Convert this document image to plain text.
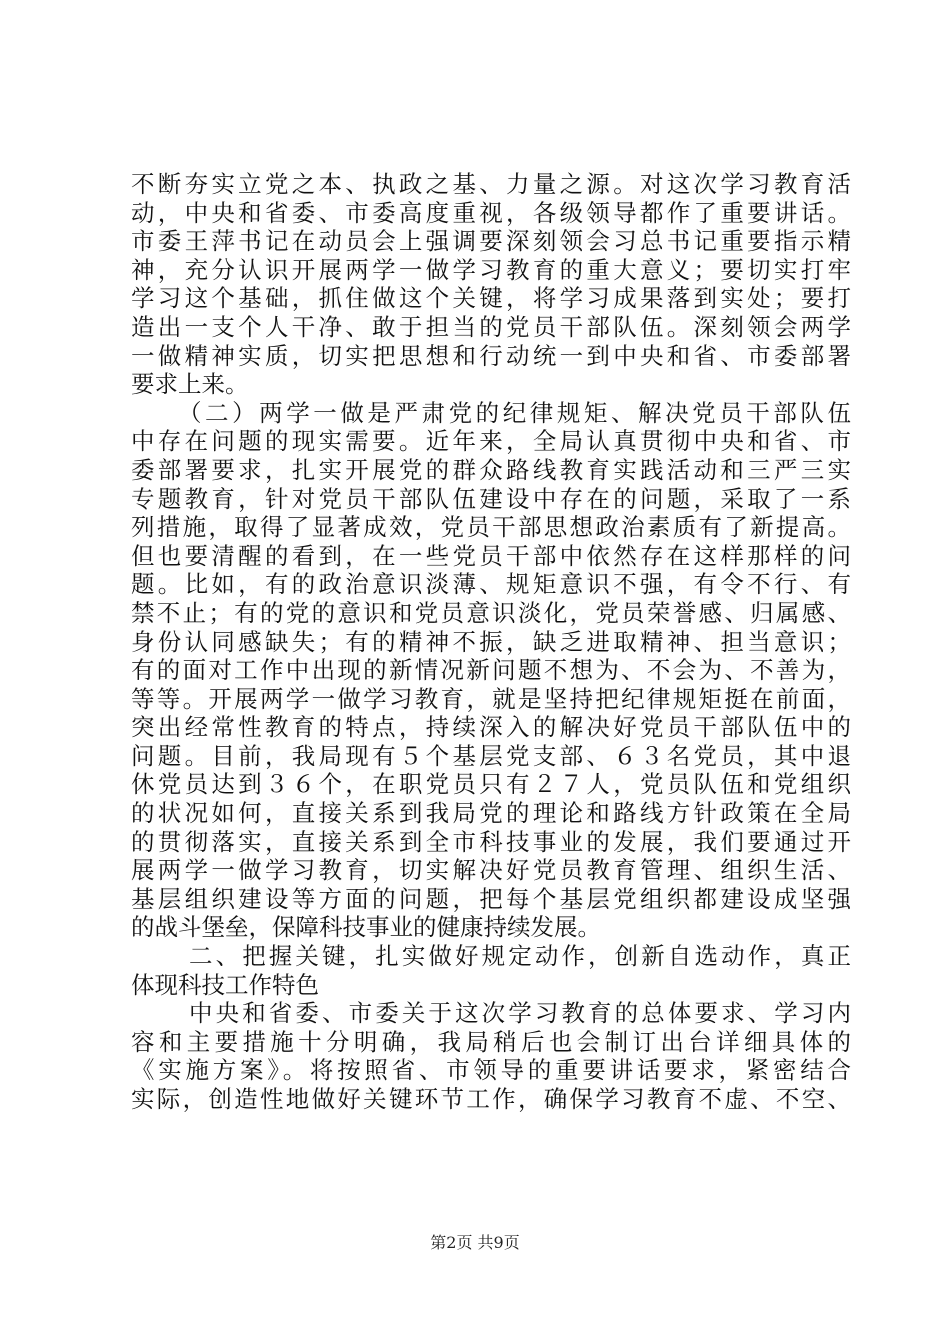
不断夯实立党之本、执政之基、力量之源。对这次学习教育活
动，中央和省委、市委高度重视，各级领导都作了重要讲话。
市委王萍书记在动员会上强调要深刻领会习总书记重要指示精
神，充分认识开展两学一做学习教育的重大意义；要切实打牢
学习这个基础，抓住做这个关键，将学习成果落到实处；要打
造出一支个人干净、敢于担当的党员干部队伍。深刻领会两学
一做精神实质，切实把思想和行动统一到中央和省、市委部署
要求上来。
（二）两学一做是严肃党的纪律规矩、解决党员干部队伍
中存在问题的现实需要。近年来，全局认真贯彻中央和省、市
委部署要求，扎实开展党的群众路线教育实践活动和三严三实
专题教育，针对党员干部队伍建设中存在的问题，采取了一系
列措施，取得了显著成效，党员干部思想政治素质有了新提高。
但也要清醒的看到，在一些党员干部中依然存在这样那样的问
题。比如，有的政治意识淡薄、规矩意识不强，有令不行、有
禁不止；有的党的意识和党员意识淡化，党员荣誉感、归属感、
身份认同感缺失；有的精神不振，缺乏进取精神、担当意识；
有的面对工作中出现的新情况新问题不想为、不会为、不善为，
等等。开展两学一做学习教育，就是坚持把纪律规矩挺在前面，
突出经常性教育的特点，持续深入的解决好党员干部队伍中的
问题。目前，我局现有５个基层党支部、６３名党员，其中退
休党员达到３６个，在职党员只有２７人，党员队伍和党组织
的状况如何，直接关系到我局党的理论和路线方针政策在全局
的贯彻落实，直接关系到全市科技事业的发展，我们要通过开
展两学一做学习教育，切实解决好党员教育管理、组织生活、
基层组织建设等方面的问题，把每个基层党组织都建设成坚强
的战斗堡垒，保障科技事业的健康持续发展。
二、把握关键，扎实做好规定动作，创新自选动作，真正
体现科技工作特色
中央和省委、市委关于这次学习教育的总体要求、学习内
容和主要措施十分明确，我局稍后也会制订出台详细具体的
《实施方案》。将按照省、市领导的重要讲话要求，紧密结合
实际，创造性地做好关键环节工作，确保学习教育不虚、不空、
第2页 共9页
